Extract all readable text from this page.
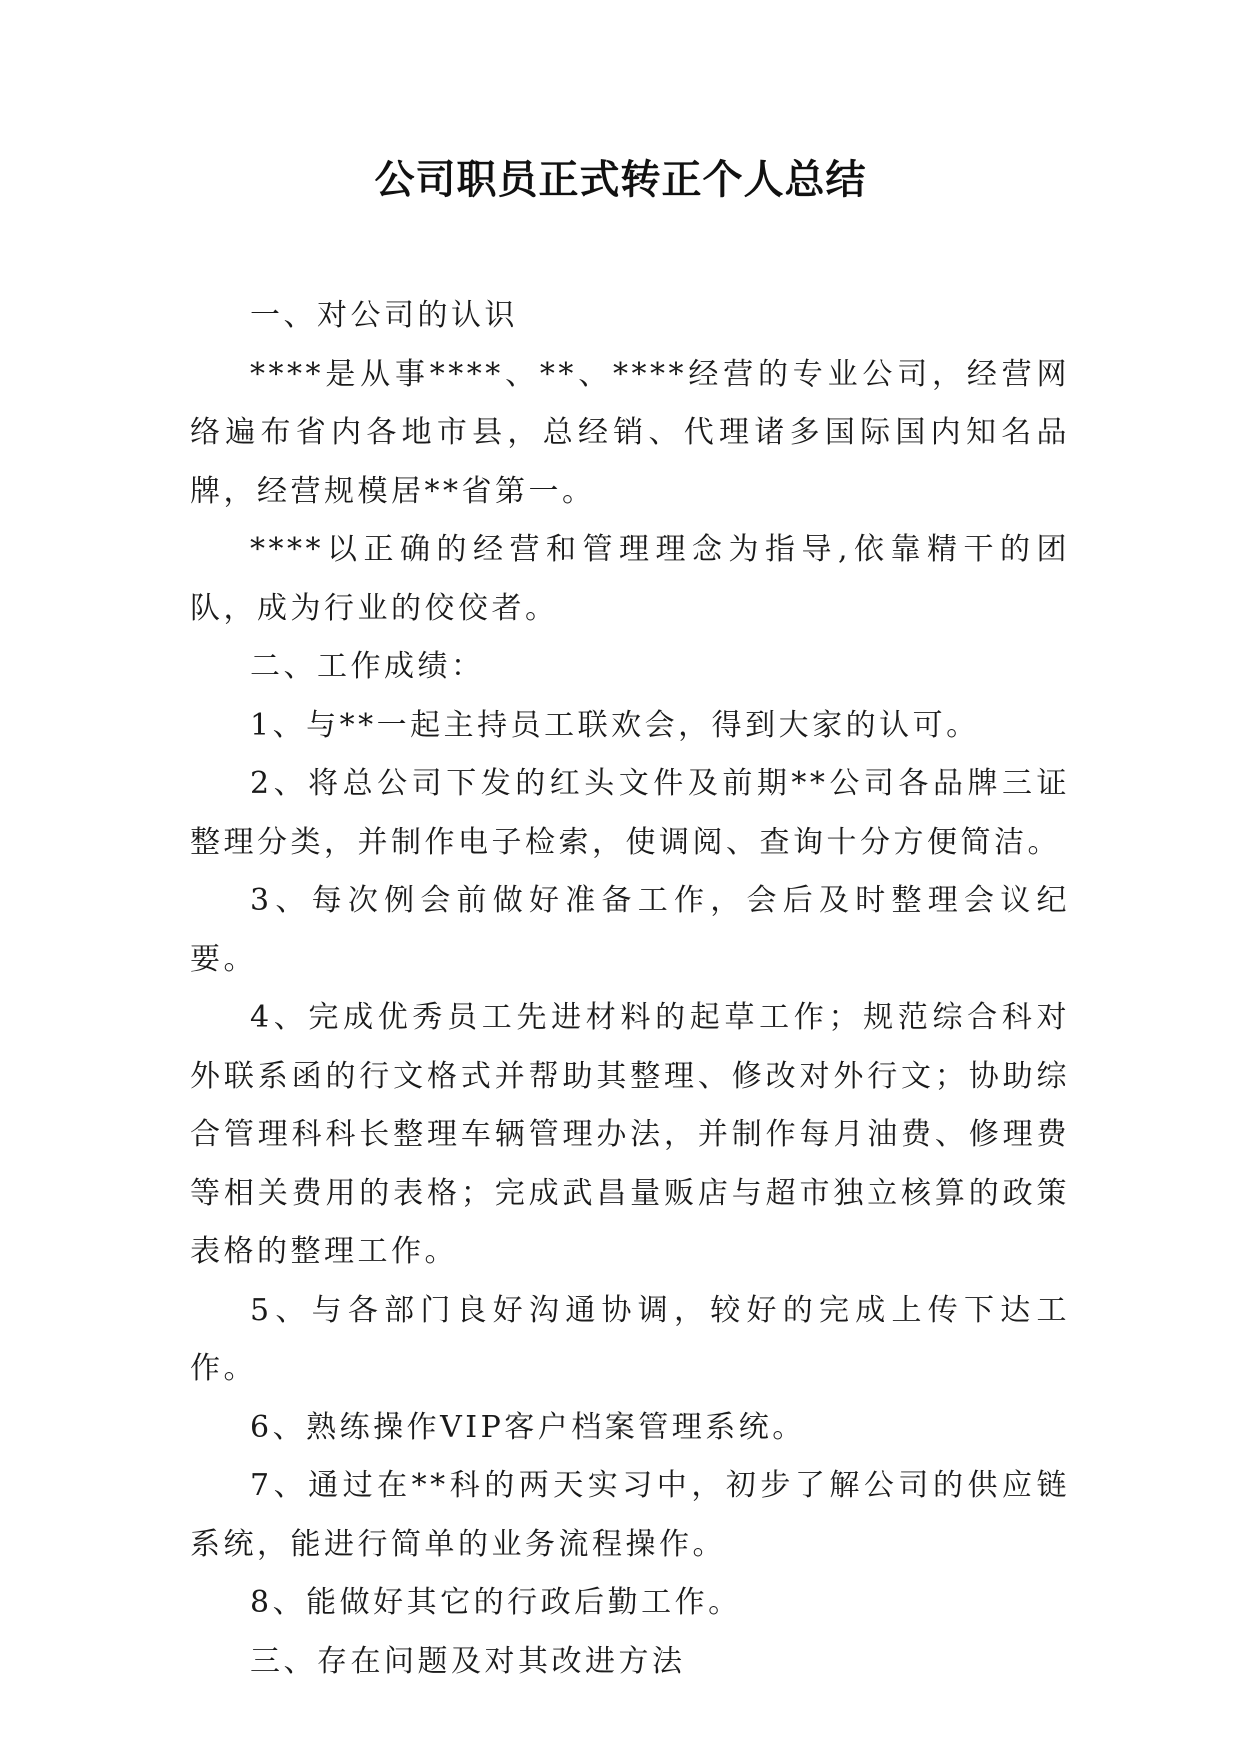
公司职员正式转正个人总结

一、对公司的认识

****是从事****、**、****经营的专业公司，经营网络遍布省内各地市县，总经销、代理诸多国际国内知名品牌，经营规模居**省第一。

****以正确的经营和管理理念为指导,依靠精干的团队，成为行业的佼佼者。

二、工作成绩：

1、与**一起主持员工联欢会，得到大家的认可。

2、将总公司下发的红头文件及前期**公司各品牌三证整理分类，并制作电子检索，使调阅、查询十分方便简洁。

3、每次例会前做好准备工作，会后及时整理会议纪要。

4、完成优秀员工先进材料的起草工作；规范综合科对外联系函的行文格式并帮助其整理、修改对外行文；协助综合管理科科长整理车辆管理办法，并制作每月油费、修理费等相关费用的表格；完成武昌量贩店与超市独立核算的政策表格的整理工作。

5、与各部门良好沟通协调，较好的完成上传下达工作。

6、熟练操作VIP客户档案管理系统。

7、通过在**科的两天实习中，初步了解公司的供应链系统，能进行简单的业务流程操作。

8、能做好其它的行政后勤工作。

三、存在问题及对其改进方法
